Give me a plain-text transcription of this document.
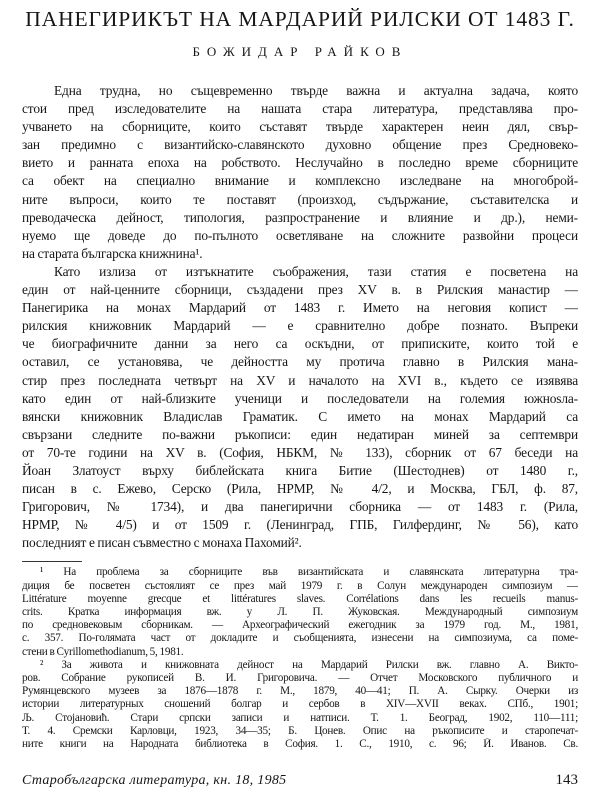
ПАНЕГИРИКЪТ НА МАРДАРИЙ РИЛСКИ ОТ 1483 Г.
БОЖИДАР РАЙКОВ
Една трудна, но същевременно твърде важна и актуална задача, която
стои пред изследователите на нашата стара литература, представлява про-
учването на сборниците, които съставят твърде характерен неин дял, свър-
зан предимно с византийско-славянското духовно общение през Средновеко-
вието и ранната епоха на робството. Неслучайно в последно време сборниците
са обект на специално внимание и комплексно изследване на многоброй-
ните въпроси, които те поставят (произход, съдържание, съставителска и
преводаческа дейност, типология, разпространение и влияние и др.), неми-
нуемо ще доведе до по-пълното осветляване на сложните развойни процеси
на старата българска книжнина¹.
Като излиза от изтъкнатите съображения, тази статия е посветена на
един от най-ценните сборници, създадени през XV в. в Рилския манастир —
Панегирика на монах Мардарий от 1483 г. Името на неговия копист —
рилския книжовник Мардарий — е сравнително добре познато. Въпреки
че биографичните данни за него са оскъдни, от приписките, които той е
оставил, се установява, че дейността му протича главно в Рилския мана-
стир през последната четвърт на XV и началото на XVI в., където се изявява
като един от най-близките ученици и последователи на големия южнosла-
вянски книжовник Владислав Граматик. С името на монах Мардарий са
свързани следните по-важни ръкописи: един недатиран миней за септември
от 70-те години на XV в. (София, НБКМ, № 133), сборник от 67 беседи на
Йоан Златоуст върху библейската книга Битие (Шестоднев) от 1480 г.,
писан в с. Ежево, Серско (Рила, НРМР, № 4/2, и Москва, ГБЛ, ф. 87,
Григорович, № 1734), и два панегирични сборника — от 1483 г. (Рила,
НРМР, № 4/5) и от 1509 г. (Ленинград, ГПБ, Гилфердинг, № 56), като
последният е писан съвместно с монаха Пахомий².
¹ На проблема за сборниците във византийската и славянската литературна тра-
диция бе посветен състоялият се през май 1979 г. в Солун международен симпозиум —
Littérature moyenne grecque et littératures slaves. Corrélations dans les recueils manus-
crits. Кратка информация вж. у Л. П. Жуковская. Международный симпозиум
по средновековым сборникам. — Археографический ежегодник за 1979 год. М., 1981,
с. 357. По-голямата част от докладите и съобщенията, изнесени на симпозиума, са поме-
стени в Cyrillomethodianum, 5, 1981.
² За живота и книжовната дейност на Мардарий Рилски вж. главно А. Викто-
ров. Собрание рукописей В. И. Григоровича. — Отчет Московского публичного и
Румянцевского музеев за 1876—1878 г. М., 1879, 40—41; П. А. Сырку. Очерки из
истории литературных сношений болгар и сербов в XIV—XVII веках. СПб., 1901;
Љ. Стојановић. Стари српски записи и натписи. Т. 1. Београд, 1902, 110—111;
Т. 4. Сремски Карловци, 1923, 34—35; Б. Цонев. Опис на ръкописите и старопечат-
ните книги на Народната библиотека в София. 1. С., 1910, с. 96; Й. Иванов. Св.
Старобългарска литература, кн. 18, 1985	143
